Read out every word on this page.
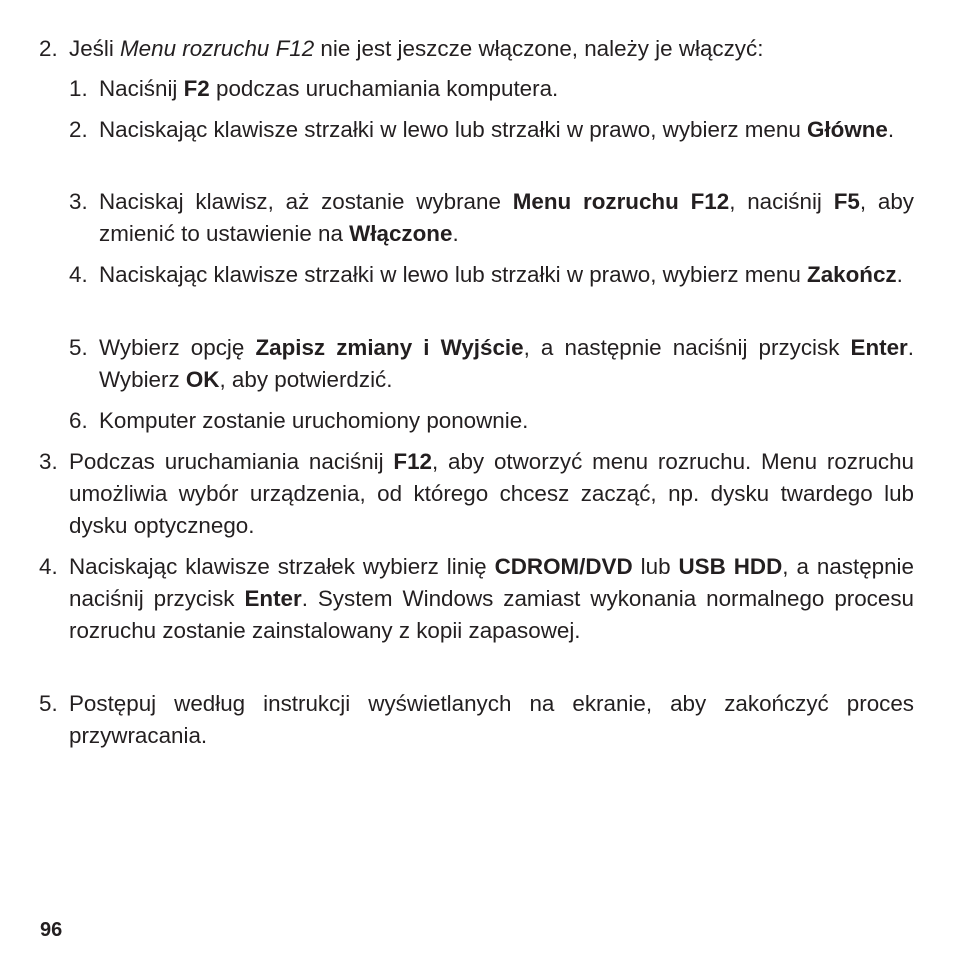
2. Jeśli Menu rozruchu F12 nie jest jeszcze włączone, należy je włączyć:
1. Naciśnij F2 podczas uruchamiania komputera.
2. Naciskając klawisze strzałki w lewo lub strzałki w prawo, wybierz menu Główne.
3. Naciskaj klawisz, aż zostanie wybrane Menu rozruchu F12, naciśnij F5, aby zmienić to ustawienie na Włączone.
4. Naciskając klawisze strzałki w lewo lub strzałki w prawo, wybierz menu Zakończ.
5. Wybierz opcję Zapisz zmiany i Wyjście, a następnie naciśnij przycisk Enter. Wybierz OK, aby potwierdzić.
6. Komputer zostanie uruchomiony ponownie.
3. Podczas uruchamiania naciśnij F12, aby otworzyć menu rozruchu. Menu rozruchu umożliwia wybór urządzenia, od którego chcesz zacząć, np. dysku twardego lub dysku optycznego.
4. Naciskając klawisze strzałek wybierz linię CDROM/DVD lub USB HDD, a następnie naciśnij przycisk Enter. System Windows zamiast wykonania normalnego procesu rozruchu zostanie zainstalowany z kopii zapasowej.
5. Postępuj według instrukcji wyświetlanych na ekranie, aby zakończyć proces przywracania.
96
